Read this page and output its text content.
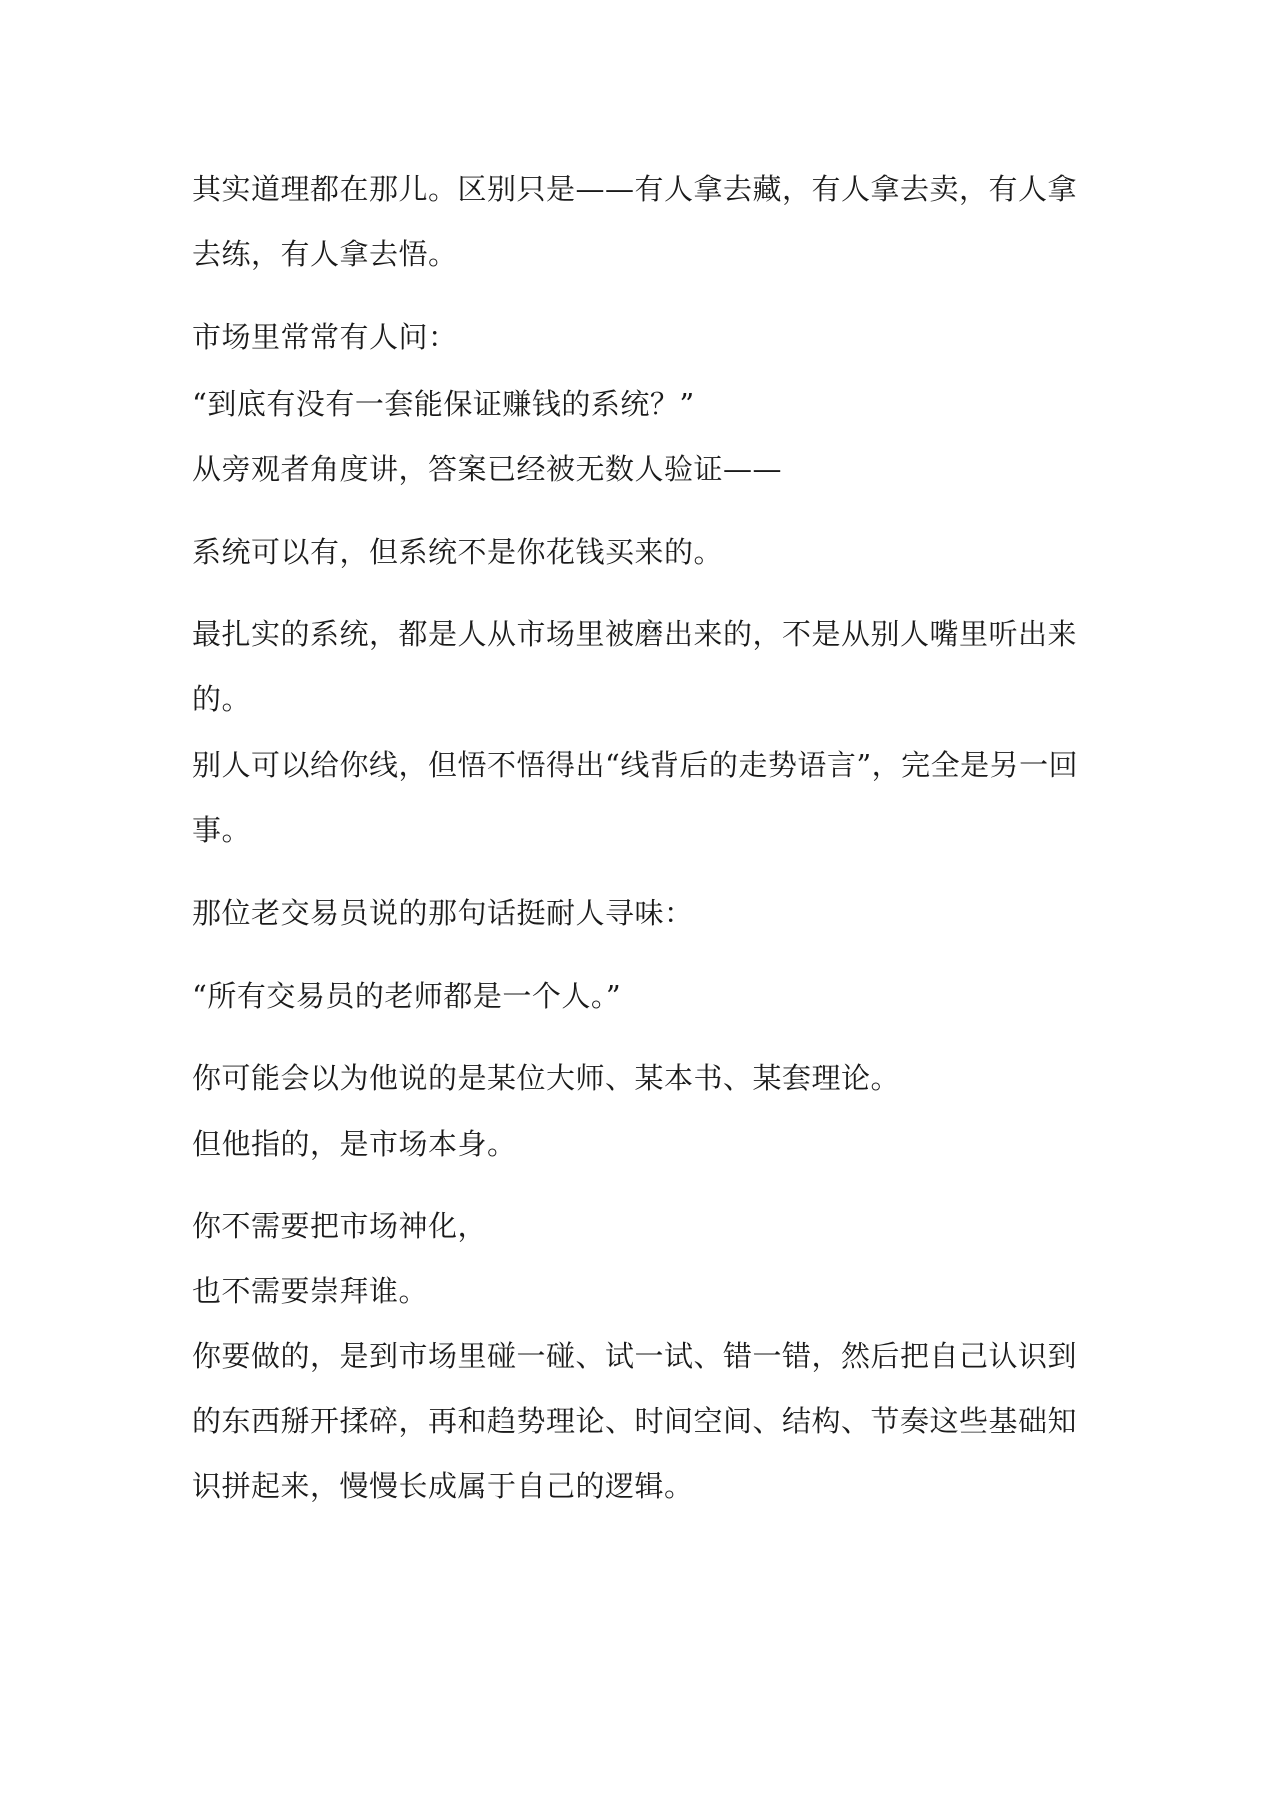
其实道理都在那儿。区别只是——有人拿去藏，有人拿去卖，有人拿

去练，有人拿去悟。

市场里常常有人问：

“到底有没有一套能保证赚钱的系统？”

从旁观者角度讲，答案已经被无数人验证——

系统可以有，但系统不是你花钱买来的。

最扎实的系统，都是人从市场里被磨出来的，不是从别人嘴里听出来

的。

别人可以给你线，但悟不悟得出“线背后的走势语言”，完全是另一回

事。

那位老交易员说的那句话挺耐人寻味：

“所有交易员的老师都是一个人。”

你可能会以为他说的是某位大师、某本书、某套理论。

但他指的，是市场本身。

你不需要把市场神化，

也不需要崇拜谁。

你要做的，是到市场里碰一碰、试一试、错一错，然后把自己认识到

的东西掰开揉碎，再和趋势理论、时间空间、结构、节奏这些基础知

识拼起来，慢慢长成属于自己的逻辑。
